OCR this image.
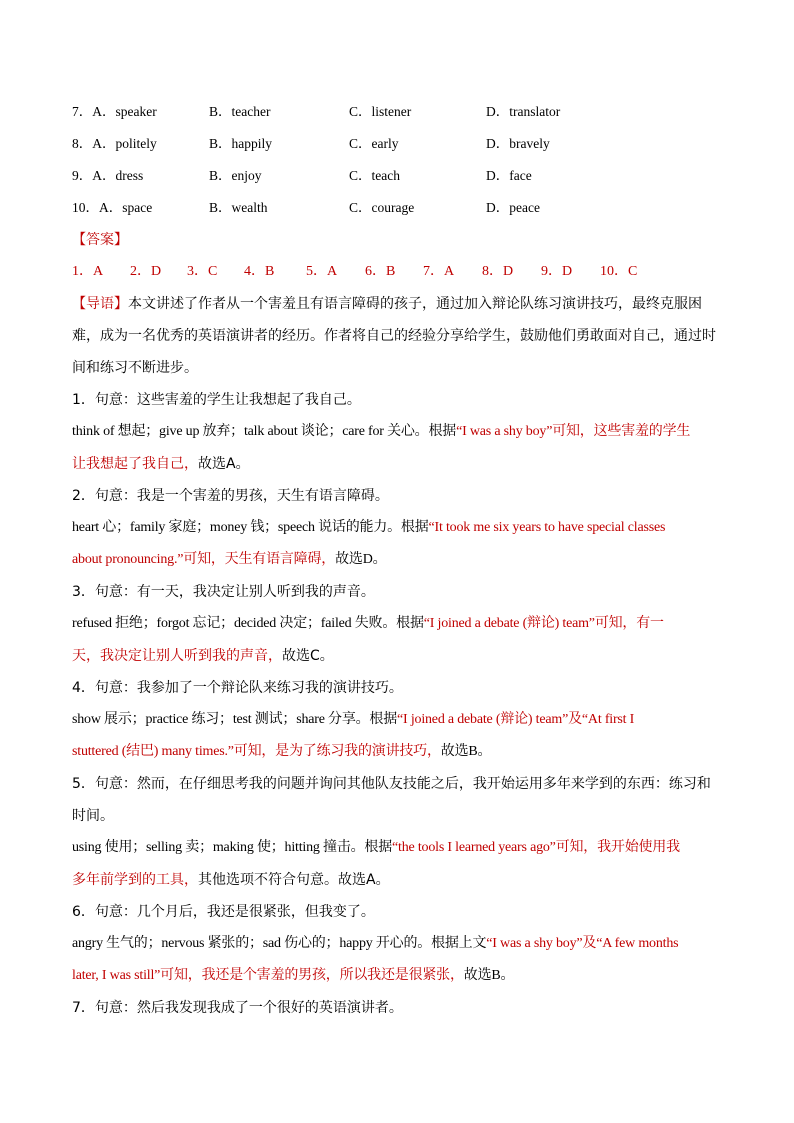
7．A．speaker	B．teacher	C．listener	D．translator
8．A．politely	B．happily	C．early	D．bravely
9．A．dress	B．enjoy	C．teach	D．face
10．A．space	B．wealth	C．courage	D．peace
【答案】
1．A 2．D 3．C 4．B 5．A 6．B 7．A 8．D 9．D 10．C
【导语】本文讲述了作者从一个害羞且有语言障碍的孩子，通过加入辩论队练习演讲技巧，最终克服困
难，成为一名优秀的英语演讲者的经历。作者将自己的经验分享给学生，鼓励他们勇敢面对自己，通过时
间和练习不断进步。
1．句意：这些害羞的学生让我想起了我自己。
think of 想起；give up 放弃；talk about 谈论；care for 关心。根据“I was a shy boy”可知，这些害羞的学生
让我想起了我自己，故选A。
2．句意：我是一个害羞的男孩，天生有语言障碍。
heart 心；family 家庭；money 钱；speech 说话的能力。根据“It took me six years to have special classes
about pronouncing.”可知，天生有语言障碍，故选D。
3．句意：有一天，我决定让别人听到我的声音。
refused 拒绝；forgot 忘记；decided 决定；failed 失败。根据“I joined a debate (辩论) team”可知，有一
天，我决定让别人听到我的声音，故选C。
4．句意：我参加了一个辩论队来练习我的演讲技巧。
show 展示；practice 练习；test 测试；share 分享。根据“I joined a debate (辩论) team”及“At first I
stuttered (结巴) many times.”可知，是为了练习我的演讲技巧，故选B。
5．句意：然而，在仔细思考我的问题并询问其他队友技能之后，我开始运用多年来学到的东西：练习和
时间。
using 使用；selling 卖；making 使；hitting 撞击。根据“the tools I learned years ago”可知，我开始使用我
多年前学到的工具，其他选项不符合句意。故选A。
6．句意：几个月后，我还是很紧张，但我变了。
angry 生气的；nervous 紧张的；sad 伤心的；happy 开心的。根据上文“I was a shy boy”及“A few months
later, I was still”可知，我还是个害羞的男孩，所以我还是很紧张，故选B。
7．句意：然后我发现我成了一个很好的英语演讲者。
